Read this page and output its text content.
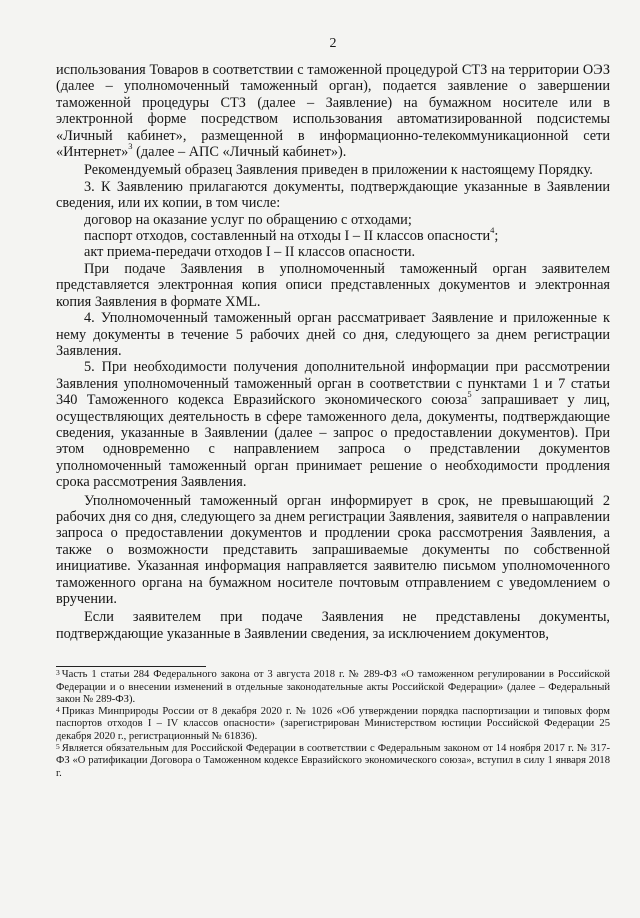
2

использования Товаров в соответствии с таможенной процедурой СТЗ на территории ОЭЗ (далее – уполномоченный таможенный орган), подается заявление о завершении таможенной процедуры СТЗ (далее – Заявление) на бумажном носителе или в электронной форме посредством использования автоматизированной подсистемы «Личный кабинет», размещенной в информационно-телекоммуникационной сети «Интернет»$^3$ (далее – АПС «Личный кабинет»).

Рекомендуемый образец Заявления приведен в приложении к настоящему Порядку.

3. К Заявлению прилагаются документы, подтверждающие указанные в Заявлении сведения, или их копии, в том числе:

договор на оказание услуг по обращению с отходами;

паспорт отходов, составленный на отходы I – II классов опасности$^4$;

акт приема-передачи отходов I – II классов опасности.

При подаче Заявления в уполномоченный таможенный орган заявителем представляется электронная копия описи представленных документов и электронная копия Заявления в формате XML.

4. Уполномоченный таможенный орган рассматривает Заявление и приложенные к нему документы в течение 5 рабочих дней со дня, следующего за днем регистрации Заявления.

5. При необходимости получения дополнительной информации при рассмотрении Заявления уполномоченный таможенный орган в соответствии с пунктами 1 и 7 статьи 340 Таможенного кодекса Евразийского экономического союза$^5$ запрашивает у лиц, осуществляющих деятельность в сфере таможенного дела, документы, подтверждающие сведения, указанные в Заявлении (далее – запрос о предоставлении документов). При этом одновременно с направлением запроса о представлении документов уполномоченный таможенный орган принимает решение о необходимости продления срока рассмотрения Заявления.

Уполномоченный таможенный орган информирует в срок, не превышающий 2 рабочих дня со дня, следующего за днем регистрации Заявления, заявителя о направлении запроса о предоставлении документов и продлении срока рассмотрения Заявления, а также о возможности представить запрашиваемые документы по собственной инициативе. Указанная информация направляется заявителю письмом уполномоченного таможенного органа на бумажном носителе почтовым отправлением с уведомлением о вручении.

Если заявителем при подаче Заявления не представлены документы, подтверждающие указанные в Заявлении сведения, за исключением документов,

3 Часть 1 статьи 284 Федерального закона от 3 августа 2018 г. № 289-ФЗ «О таможенном регулировании в Российской Федерации и о внесении изменений в отдельные законодательные акты Российской Федерации» (далее – Федеральный закон № 289-ФЗ).

4 Приказ Минприроды России от 8 декабря 2020 г. № 1026 «Об утверждении порядка паспортизации и типовых форм паспортов отходов I – IV классов опасности» (зарегистрирован Министерством юстиции Российской Федерации 25 декабря 2020 г., регистрационный № 61836).

5 Является обязательным для Российской Федерации в соответствии с Федеральным законом от 14 ноября 2017 г. № 317-ФЗ «О ратификации Договора о Таможенном кодексе Евразийского экономического союза», вступил в силу 1 января 2018 г.
